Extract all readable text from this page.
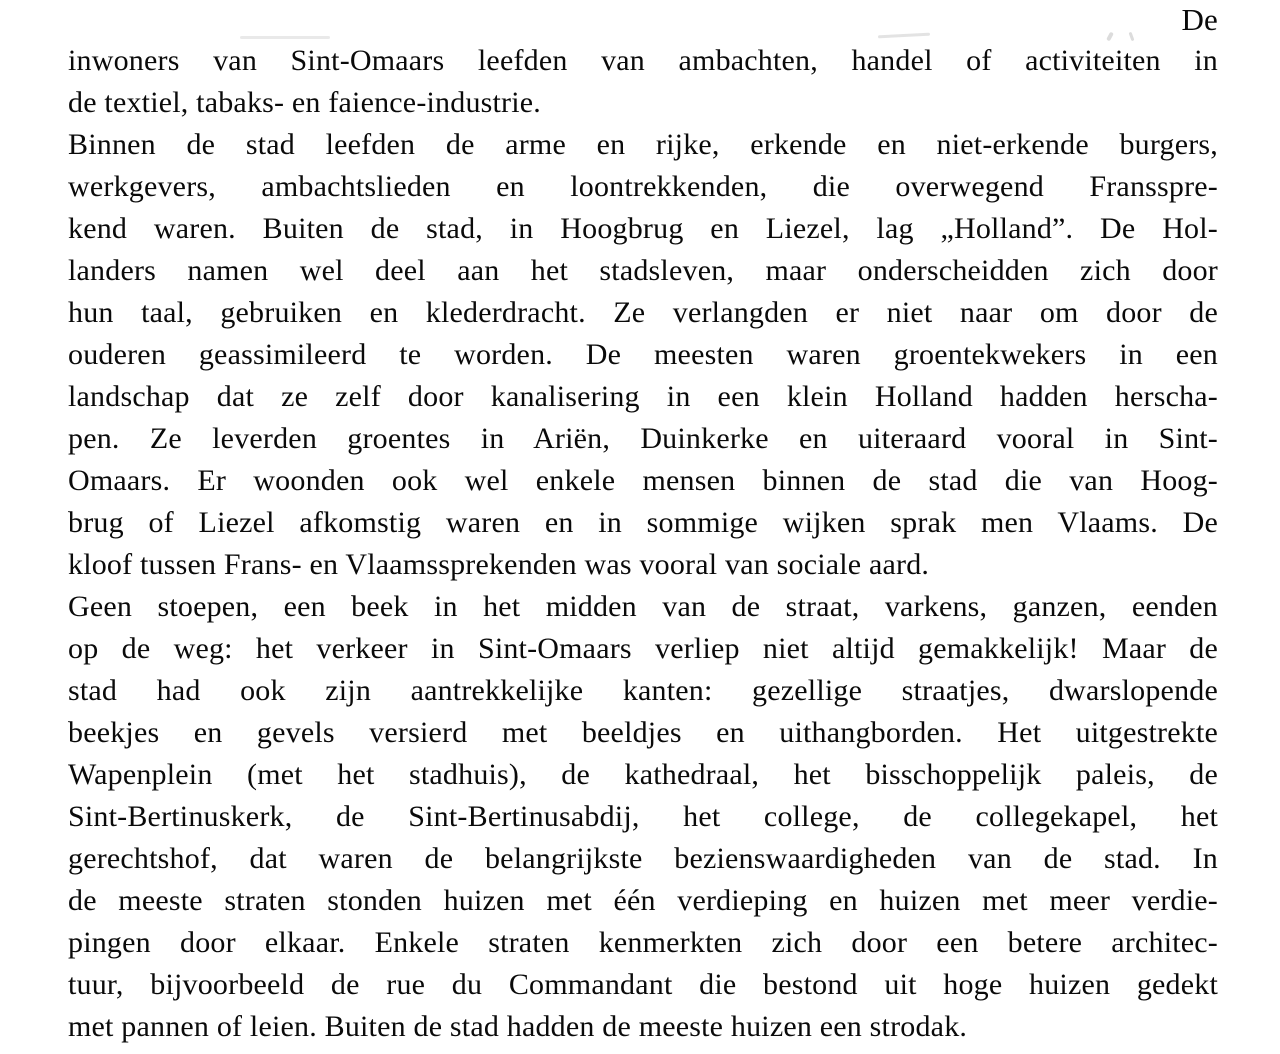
De
inwoners van Sint-Omaars leefden van ambachten, handel of activiteiten in
de textiel, tabaks- en faience-industrie.
Binnen de stad leefden de arme en rijke, erkende en niet-erkende burgers,
werkgevers, ambachtslieden en loontrekkenden, die overwegend Fransspre-
kend waren. Buiten de stad, in Hoogbrug en Liezel, lag „Holland”. De Hol-
landers namen wel deel aan het stadsleven, maar onderscheidden zich door
hun taal, gebruiken en klederdracht. Ze verlangden er niet naar om door de
ouderen geassimileerd te worden. De meesten waren groentekwekers in een
landschap dat ze zelf door kanalisering in een klein Holland hadden herscha-
pen. Ze leverden groentes in Ariën, Duinkerke en uiteraard vooral in Sint-
Omaars. Er woonden ook wel enkele mensen binnen de stad die van Hoog-
brug of Liezel afkomstig waren en in sommige wijken sprak men Vlaams. De
kloof tussen Frans- en Vlaamssprekenden was vooral van sociale aard.
Geen stoepen, een beek in het midden van de straat, varkens, ganzen, eenden
op de weg: het verkeer in Sint-Omaars verliep niet altijd gemakkelijk! Maar de
stad had ook zijn aantrekkelijke kanten: gezellige straatjes, dwarslopende
beekjes en gevels versierd met beeldjes en uithangborden. Het uitgestrekte
Wapenplein (met het stadhuis), de kathedraal, het bisschoppelijk paleis, de
Sint-Bertinuskerk, de Sint-Bertinusabdij, het college, de collegekapel, het
gerechtshof, dat waren de belangrijkste bezienswaardigheden van de stad. In
de meeste straten stonden huizen met één verdieping en huizen met meer verdie-
pingen door elkaar. Enkele straten kenmerkten zich door een betere architec-
tuur, bijvoorbeeld de rue du Commandant die bestond uit hoge huizen gedekt
met pannen of leien. Buiten de stad hadden de meeste huizen een strodak.
